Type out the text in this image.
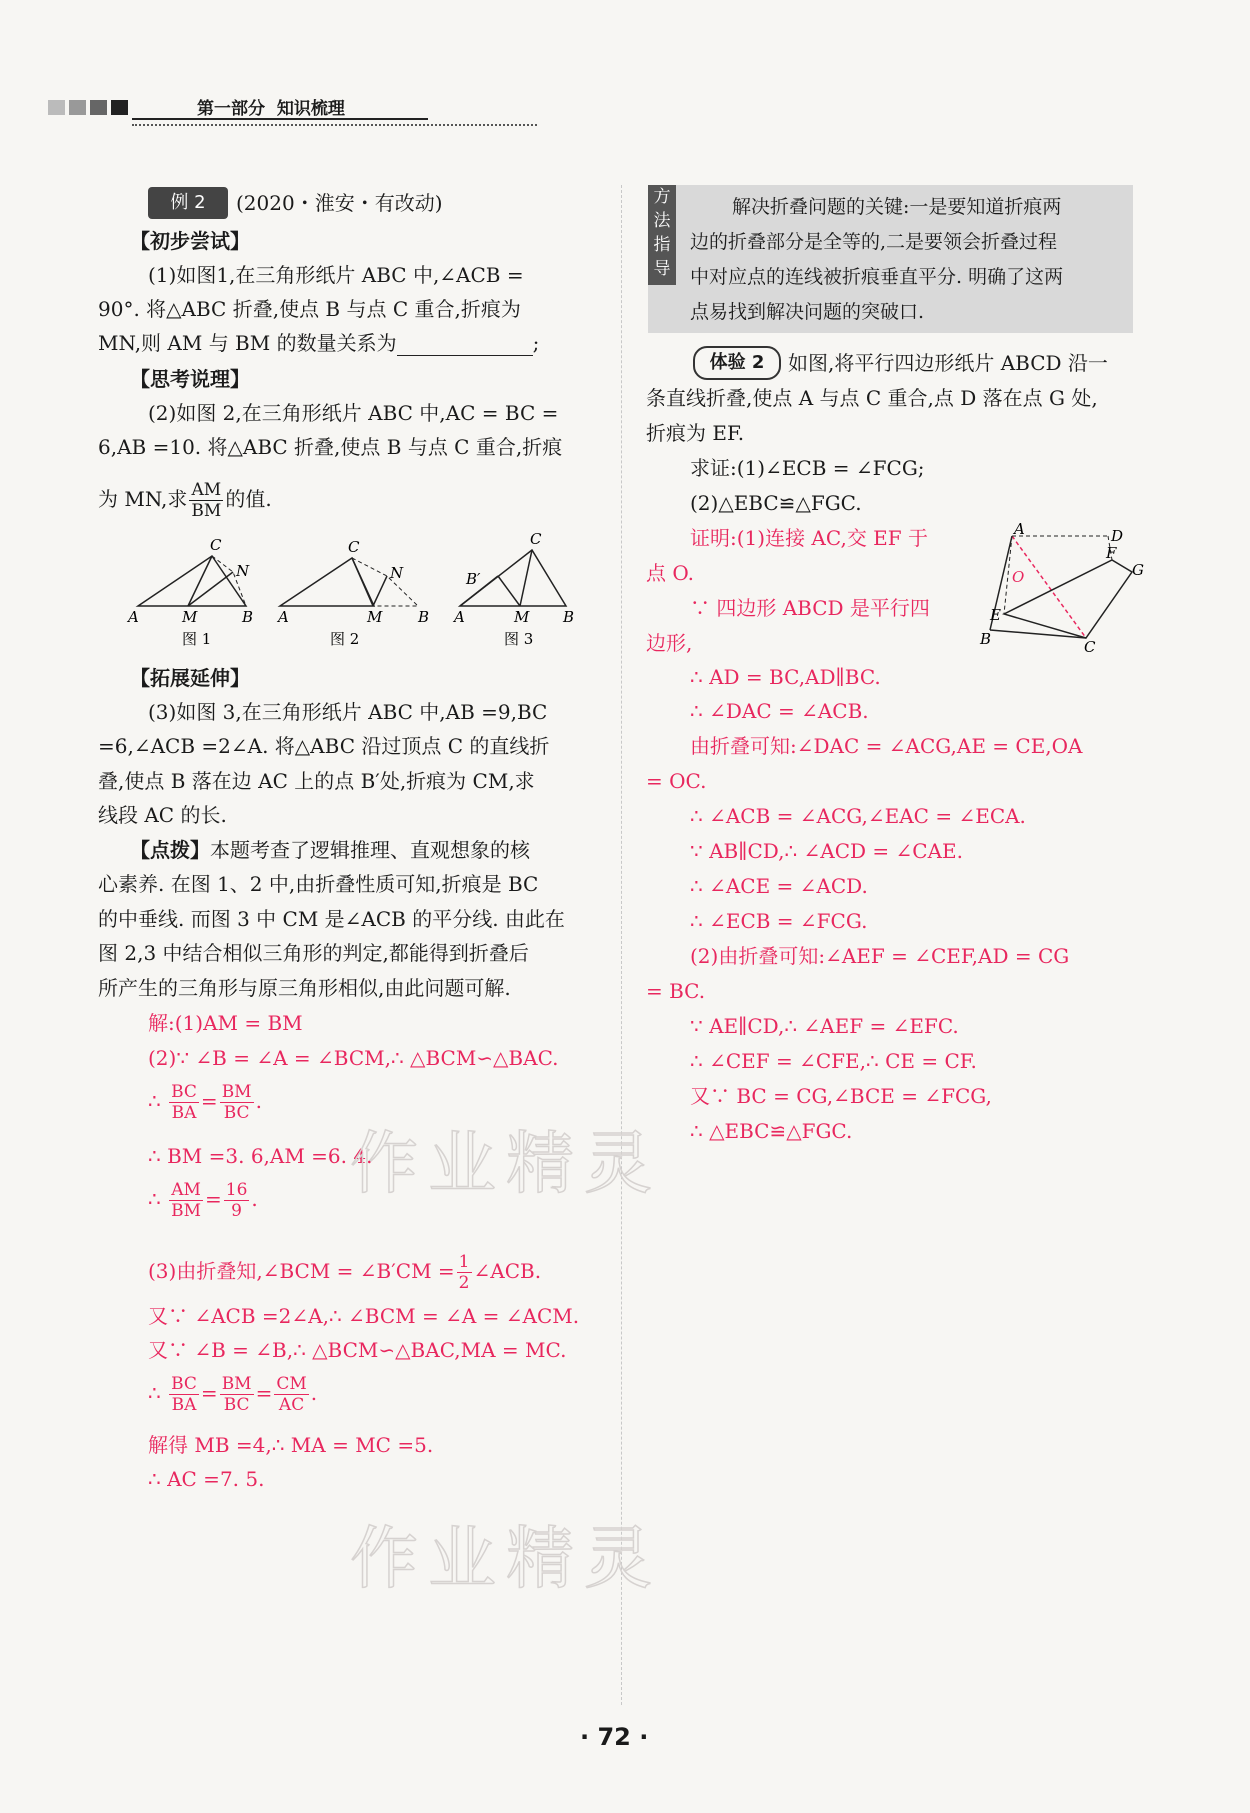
第一部分 知识梳理
例 2	(2020・淮安・有改动)
【初步尝试】
(1)如图1,在三角形纸片 ABC 中,∠ACB =
90°. 将△ABC 折叠,使点 B 与点 C 重合,折痕为
MN,则 AM 与 BM 的数量关系为	;
【思考说理】
(2)如图 2,在三角形纸片 ABC 中,AC = BC =
6,AB =10. 将△ABC 折叠,使点 B 与点 C 重合,折痕
为 MN,求 $\frac{AM}{BM}$ 的值.
C
N
A	M	B
图 1
C
N
A	M B
图 2
C
B′
A	M B
图 3
【拓展延伸】
(3)如图 3,在三角形纸片 ABC 中,AB =9,BC
=6,∠ACB =2∠A. 将△ABC 沿过顶点 C 的直线折
叠,使点 B 落在边 AC 上的点 B′处,折痕为 CM,求
线段 AC 的长.
【点拨】本题考查了逻辑推理、直观想象的核
心素养. 在图 1、2 中,由折叠性质可知,折痕是 BC
的中垂线. 而图 3 中 CM 是∠ACB 的平分线. 由此在
图 2,3 中结合相似三角形的判定,都能得到折叠后
所产生的三角形与原三角形相似,由此问题可解.
解:(1)AM = BM
(2)∵ ∠B = ∠A = ∠BCM,∴ △BCM∽△BAC.
∴ $\frac{BC}{BA} = \frac{BM}{BC}$ .
∴ BM =3. 6,AM =6. 4.
∴ $\frac{AM}{BM} = \frac{16}{9}$ .
(3)由折叠知,∠BCM = ∠B′CM = $\frac{1}{2}$ ∠ACB.
又∵ ∠ACB =2∠A,∴ ∠BCM = ∠A = ∠ACM.
又∵ ∠B = ∠B,∴ △BCM∽△BAC,MA = MC.
∴ $\frac{BC}{BA} = \frac{BM}{BC} = \frac{CM}{AC}$ .
解得 MB =4,∴ MA = MC =5.
∴ AC =7. 5.
方
法
指
导
解决折叠问题的关键:一是要知道折痕两
边的折叠部分是全等的,二是要领会折叠过程
中对应点的连线被折痕垂直平分. 明确了这两
点易找到解决问题的突破口.
体验 2	如图,将平行四边形纸片 ABCD 沿一
条直线折叠,使点 A 与点 C 重合,点 D 落在点 G 处,
折痕为 EF.
求证:(1)∠ECB = ∠FCG;
(2)△EBC≌△FGC.
O
A	D
F
G
E
B	C
证明:(1)连接 AC,交 EF 于
点 O.
∵ 四边形 ABCD 是平行四
边形,
∴ AD = BC,AD∥BC.
∴ ∠DAC = ∠ACB.
由折叠可知:∠DAC = ∠ACG,AE = CE,OA
= OC.
∴ ∠ACB = ∠ACG,∠EAC = ∠ECA.
∵ AB∥CD,∴ ∠ACD = ∠CAE.
∴ ∠ACE = ∠ACD.
∴ ∠ECB = ∠FCG.
(2)由折叠可知:∠AEF = ∠CEF,AD = CG
= BC.
∵ AE∥CD,∴ ∠AEF = ∠EFC.
∴ ∠CEF = ∠CFE,∴ CE = CF.
又∵ BC = CG,∠BCE = ∠FCG,
∴ △EBC≌△FGC.
作业精灵
作业精灵
· 72 ·
